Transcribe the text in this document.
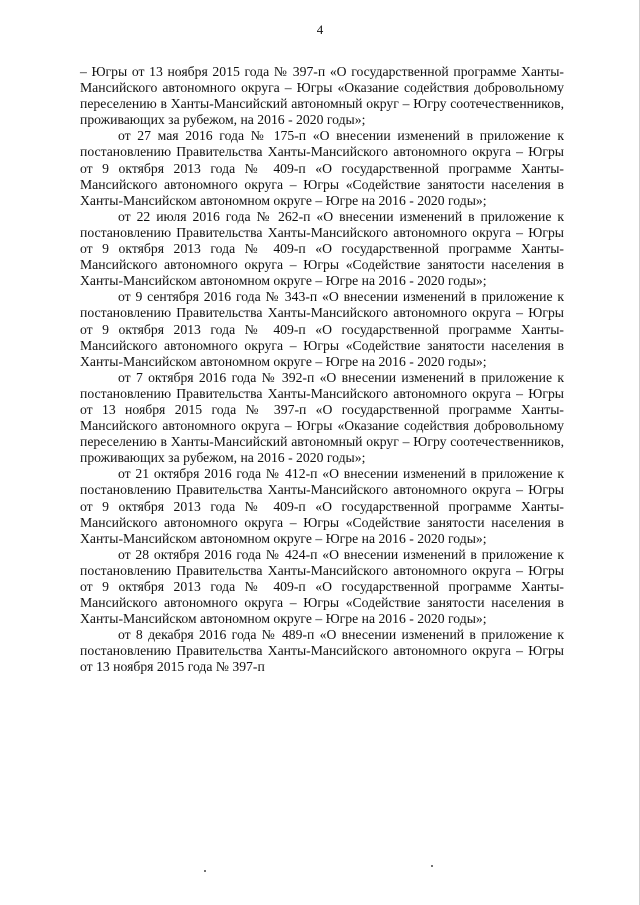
4

– Югры от 13 ноября 2015 года № 397-п «О государственной программе Ханты-Мансийского автономного округа – Югры «Оказание содействия добровольному переселению в Ханты-Мансийский автономный округ – Югру соотечественников, проживающих за рубежом, на 2016 - 2020 годы»;

от 27 мая 2016 года № 175-п «О внесении изменений в приложение к постановлению Правительства Ханты-Мансийского автономного округа – Югры от 9 октября 2013 года № 409-п «О государственной программе Ханты-Мансийского автономного округа – Югры «Содействие занятости населения в Ханты-Мансийском автономном округе – Югре на 2016 - 2020 годы»;

от 22 июля 2016 года № 262-п «О внесении изменений в приложение к постановлению Правительства Ханты-Мансийского автономного округа – Югры от 9 октября 2013 года № 409-п «О государственной программе Ханты-Мансийского автономного округа – Югры «Содействие занятости населения в Ханты-Мансийском автономном округе – Югре на 2016 - 2020 годы»;

от 9 сентября 2016 года № 343-п «О внесении изменений в приложение к постановлению Правительства Ханты-Мансийского автономного округа – Югры от 9 октября 2013 года № 409-п «О государственной программе Ханты-Мансийского автономного округа – Югры «Содействие занятости населения в Ханты-Мансийском автономном округе – Югре на 2016 - 2020 годы»;

от 7 октября 2016 года № 392-п «О внесении изменений в приложение к постановлению Правительства Ханты-Мансийского автономного округа – Югры от 13 ноября 2015 года № 397-п «О государственной программе Ханты-Мансийского автономного округа – Югры «Оказание содействия добровольному переселению в Ханты-Мансийский автономный округ – Югру соотечественников, проживающих за рубежом, на 2016 - 2020 годы»;

от 21 октября 2016 года № 412-п «О внесении изменений в приложение к постановлению Правительства Ханты-Мансийского автономного округа – Югры от 9 октября 2013 года № 409-п «О государственной программе Ханты-Мансийского автономного округа – Югры «Содействие занятости населения в Ханты-Мансийском автономном округе – Югре на 2016 - 2020 годы»;

от 28 октября 2016 года № 424-п «О внесении изменений в приложение к постановлению Правительства Ханты-Мансийского автономного округа – Югры от 9 октября 2013 года № 409-п «О государственной программе Ханты-Мансийского автономного округа – Югры «Содействие занятости населения в Ханты-Мансийском автономном округе – Югре на 2016 - 2020 годы»;

от 8 декабря 2016 года № 489-п «О внесении изменений в приложение к постановлению Правительства Ханты-Мансийского автономного округа – Югры от 13 ноября 2015 года № 397-п
